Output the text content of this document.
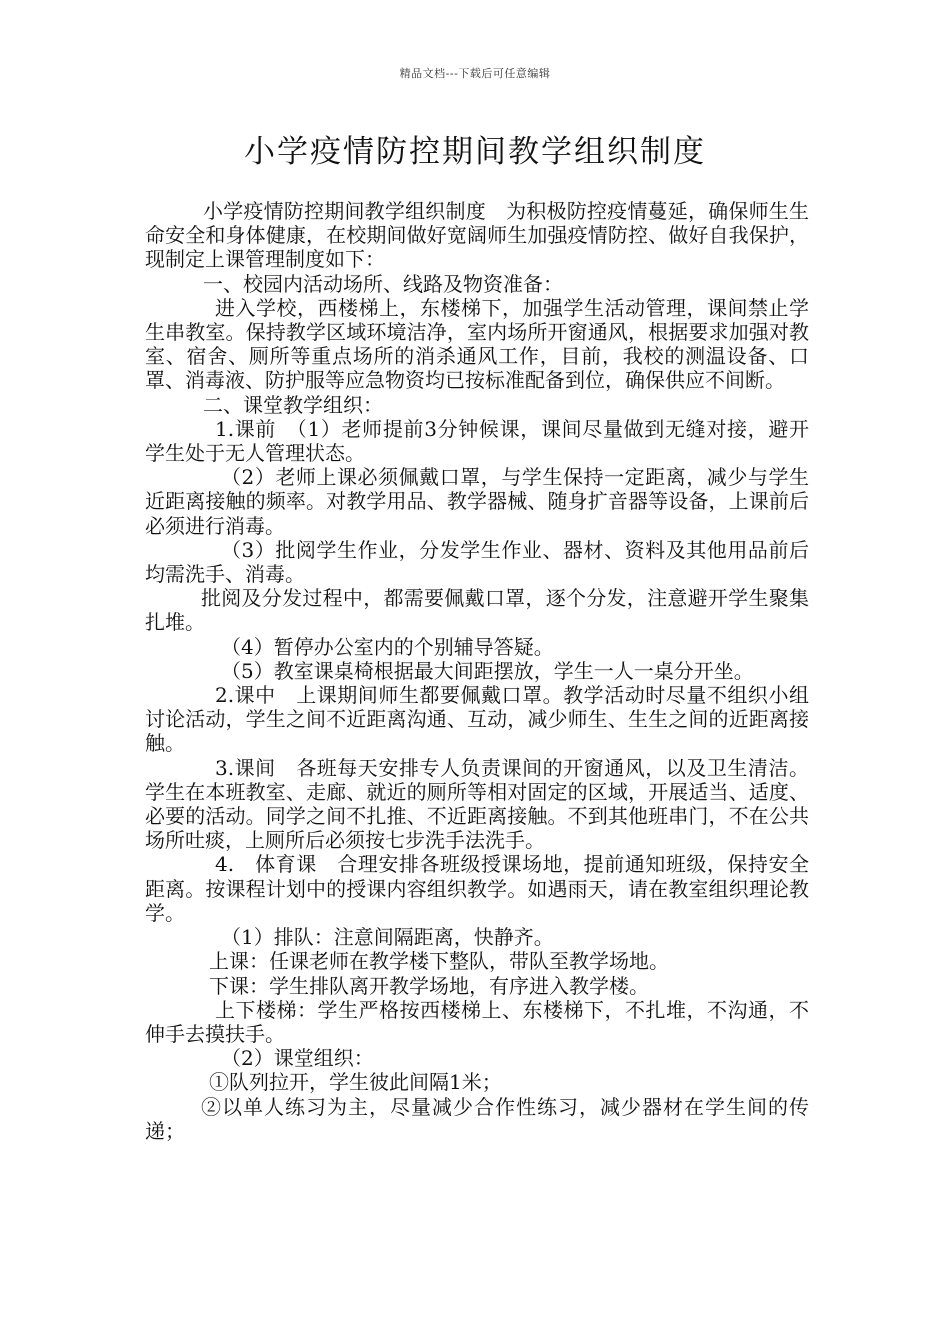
精品文档---下载后可任意编辑
小学疫情防控期间教学组织制度

小学疫情防控期间教学组织制度　为积极防控疫情蔓延，确保师生生命安全和身体健康，在校期间做好宽阔师生加强疫情防控、做好自我保护，现制定上课管理制度如下：

一、校园内活动场所、线路及物资准备：

进入学校，西楼梯上，东楼梯下，加强学生活动管理，课间禁止学生串教室。保持教学区域环境洁净，室内场所开窗通风，根据要求加强对教室、宿舍、厕所等重点场所的消杀通风工作，目前，我校的测温设备、口罩、消毒液、防护服等应急物资均已按标准配备到位，确保供应不间断。

二、课堂教学组织：

1.课前　（1）老师提前3分钟候课，课间尽量做到无缝对接，避开学生处于无人管理状态。

（2）老师上课必须佩戴口罩，与学生保持一定距离，减少与学生近距离接触的频率。对教学用品、教学器械、随身扩音器等设备，上课前后必须进行消毒。

（3）批阅学生作业，分发学生作业、器材、资料及其他用品前后均需洗手、消毒。

批阅及分发过程中，都需要佩戴口罩，逐个分发，注意避开学生聚集扎堆。

（4）暂停办公室内的个别辅导答疑。

（5）教室课桌椅根据最大间距摆放，学生一人一桌分开坐。

2.课中　上课期间师生都要佩戴口罩。教学活动时尽量不组织小组讨论活动，学生之间不近距离沟通、互动，减少师生、生生之间的近距离接触。

3.课间　各班每天安排专人负责课间的开窗通风，以及卫生清洁。学生在本班教室、走廊、就近的厕所等相对固定的区域，开展适当、适度、必要的活动。同学之间不扎推、不近距离接触。不到其他班串门，不在公共场所吐痰，上厕所后必须按七步洗手法洗手。

4.　体育课　合理安排各班级授课场地，提前通知班级，保持安全距离。按课程计划中的授课内容组织教学。如遇雨天，请在教室组织理论教学。

（1）排队：注意间隔距离，快静齐。

上课：任课老师在教学楼下整队，带队至教学场地。

下课：学生排队离开教学场地，有序进入教学楼。

上下楼梯：学生严格按西楼梯上、东楼梯下，不扎堆，不沟通，不伸手去摸扶手。

（2）课堂组织：

①队列拉开，学生彼此间隔1米；

②以单人练习为主，尽量减少合作性练习，减少器材在学生间的传递；
